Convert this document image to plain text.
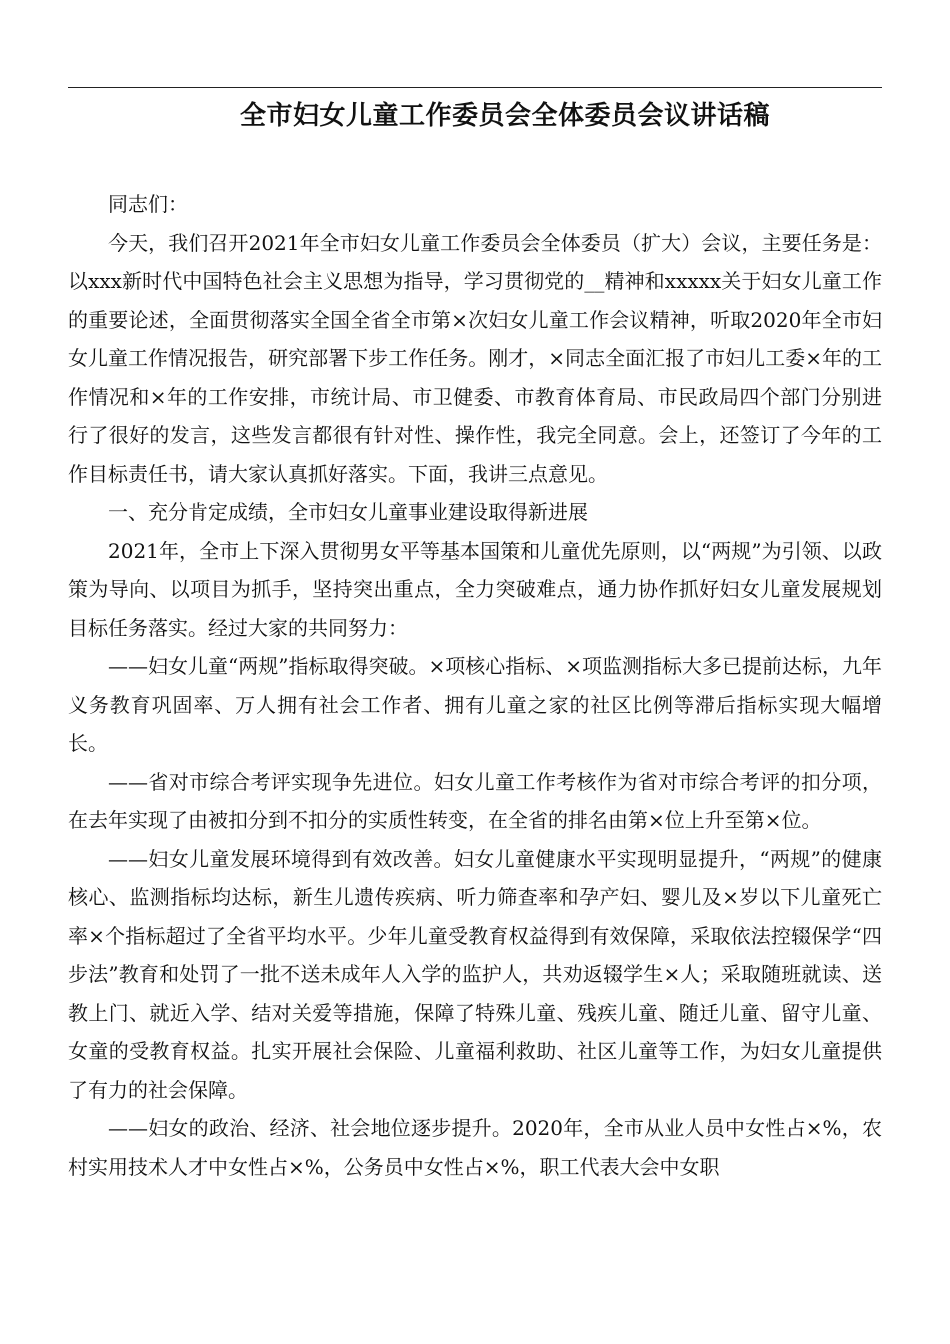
全市妇女儿童工作委员会全体委员会议讲话稿

同志们：

今天，我们召开2021年全市妇女儿童工作委员会全体委员（扩大）会议，主要任务是：以xxx新时代中国特色社会主义思想为指导，学习贯彻党的__精神和xxxxx关于妇女儿童工作的重要论述，全面贯彻落实全国全省全市第×次妇女儿童工作会议精神，听取2020年全市妇女儿童工作情况报告，研究部署下步工作任务。刚才，×同志全面汇报了市妇儿工委×年的工作情况和×年的工作安排，市统计局、市卫健委、市教育体育局、市民政局四个部门分别进行了很好的发言，这些发言都很有针对性、操作性，我完全同意。会上，还签订了今年的工作目标责任书，请大家认真抓好落实。下面，我讲三点意见。

一、充分肯定成绩，全市妇女儿童事业建设取得新进展

2021年，全市上下深入贯彻男女平等基本国策和儿童优先原则，以“两规”为引领、以政策为导向、以项目为抓手，坚持突出重点，全力突破难点，通力协作抓好妇女儿童发展规划目标任务落实。经过大家的共同努力：

——妇女儿童“两规”指标取得突破。×项核心指标、×项监测指标大多已提前达标，九年义务教育巩固率、万人拥有社会工作者、拥有儿童之家的社区比例等滞后指标实现大幅增长。

——省对市综合考评实现争先进位。妇女儿童工作考核作为省对市综合考评的扣分项，在去年实现了由被扣分到不扣分的实质性转变，在全省的排名由第×位上升至第×位。

——妇女儿童发展环境得到有效改善。妇女儿童健康水平实现明显提升，“两规”的健康核心、监测指标均达标，新生儿遗传疾病、听力筛查率和孕产妇、婴儿及×岁以下儿童死亡率×个指标超过了全省平均水平。少年儿童受教育权益得到有效保障，采取依法控辍保学“四步法”教育和处罚了一批不送未成年人入学的监护人，共劝返辍学生×人；采取随班就读、送教上门、就近入学、结对关爱等措施，保障了特殊儿童、残疾儿童、随迁儿童、留守儿童、女童的受教育权益。扎实开展社会保险、儿童福利救助、社区儿童等工作，为妇女儿童提供了有力的社会保障。

——妇女的政治、经济、社会地位逐步提升。2020年，全市从业人员中女性占×%，农村实用技术人才中女性占×%，公务员中女性占×%，职工代表大会中女职
